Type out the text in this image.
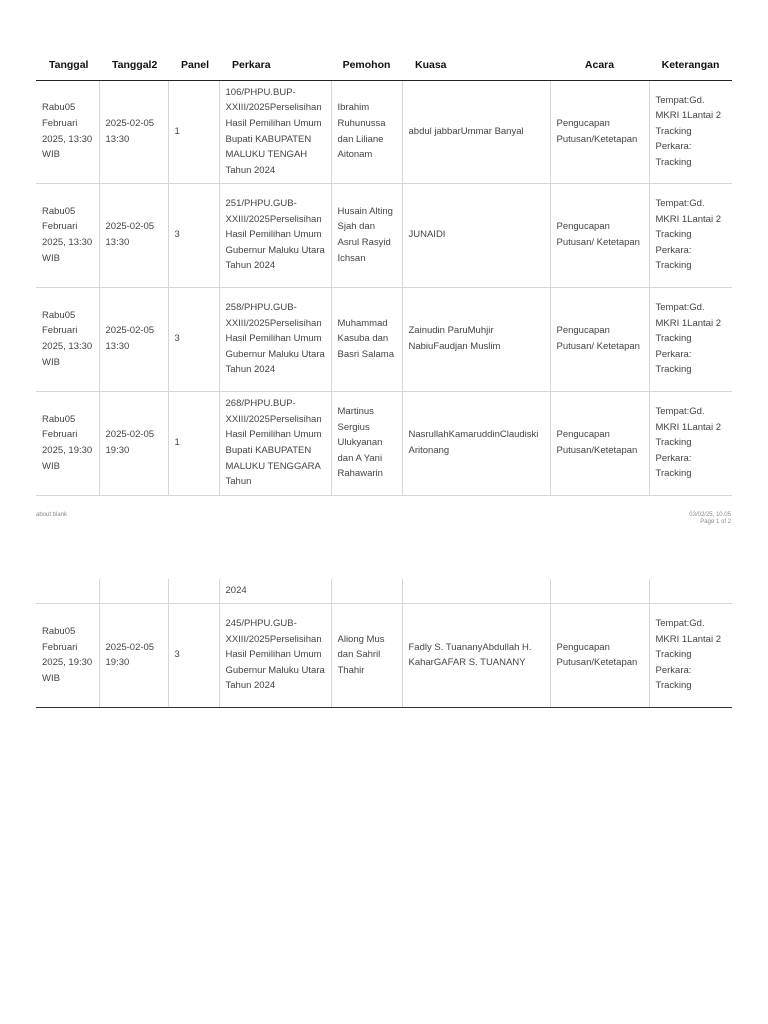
Tanggal	Tanggal2	Panel	Perkara	Pemohon	Kuasa	Acara	Keterangan
Rabu05 Februari 2025, 13:30 WIB	2025-02-05 13:30	1	106/PHPU.BUP-XXIII/2025Perselisihan Hasil Pemilihan Umum Bupati KABUPATEN MALUKU TENGAH Tahun 2024	Ibrahim Ruhunussa dan Liliane Aitonam	abdul jabbarUmmar Banyal	Pengucapan Putusan/Ketetapan	Tempat:Gd. MKRI 1Lantai 2 Tracking Perkara: Tracking
Rabu05 Februari 2025, 13:30 WIB	2025-02-05 13:30	3	251/PHPU.GUB-XXIII/2025Perselisihan Hasil Pemilihan Umum Gubernur Maluku Utara Tahun 2024	Husain Alting Sjah dan Asrul Rasyid Ichsan	JUNAIDI	Pengucapan Putusan/ Ketetapan	Tempat:Gd. MKRI 1Lantai 2 Tracking Perkara: Tracking
Rabu05 Februari 2025, 13:30 WIB	2025-02-05 13:30	3	258/PHPU.GUB-XXIII/2025Perselisihan Hasil Pemilihan Umum Gubernur Maluku Utara Tahun 2024	Muhammad Kasuba dan Basri Salama	Zainudin ParuMuhjir NabiuFaudjan Muslim	Pengucapan Putusan/ Ketetapan	Tempat:Gd. MKRI 1Lantai 2 Tracking Perkara: Tracking
Rabu05 Februari 2025, 19:30 WIB	2025-02-05 19:30	1	268/PHPU.BUP-XXIII/2025Perselisihan Hasil Pemilihan Umum Bupati KABUPATEN MALUKU TENGGARA Tahun	Martinus Sergius Ulukyanan dan A Yani Rahawarin	NasrullahKamaruddinClaudiski Aritonang	Pengucapan Putusan/Ketetapan	Tempat:Gd. MKRI 1Lantai 2 Tracking Perkara: Tracking
about:blank	03/02/25, 10.05
Page 1 of 2
			2024				
Rabu05 Februari 2025, 19:30 WIB	2025-02-05 19:30	3	245/PHPU.GUB-XXIII/2025Perselisihan Hasil Pemilihan Umum Gubernur Maluku Utara Tahun 2024	Aliong Mus dan Sahril Thahir	Fadly S. TuananyAbdullah H. KaharGAFAR S. TUANANY	Pengucapan Putusan/Ketetapan	Tempat:Gd. MKRI 1Lantai 2 Tracking Perkara: Tracking
